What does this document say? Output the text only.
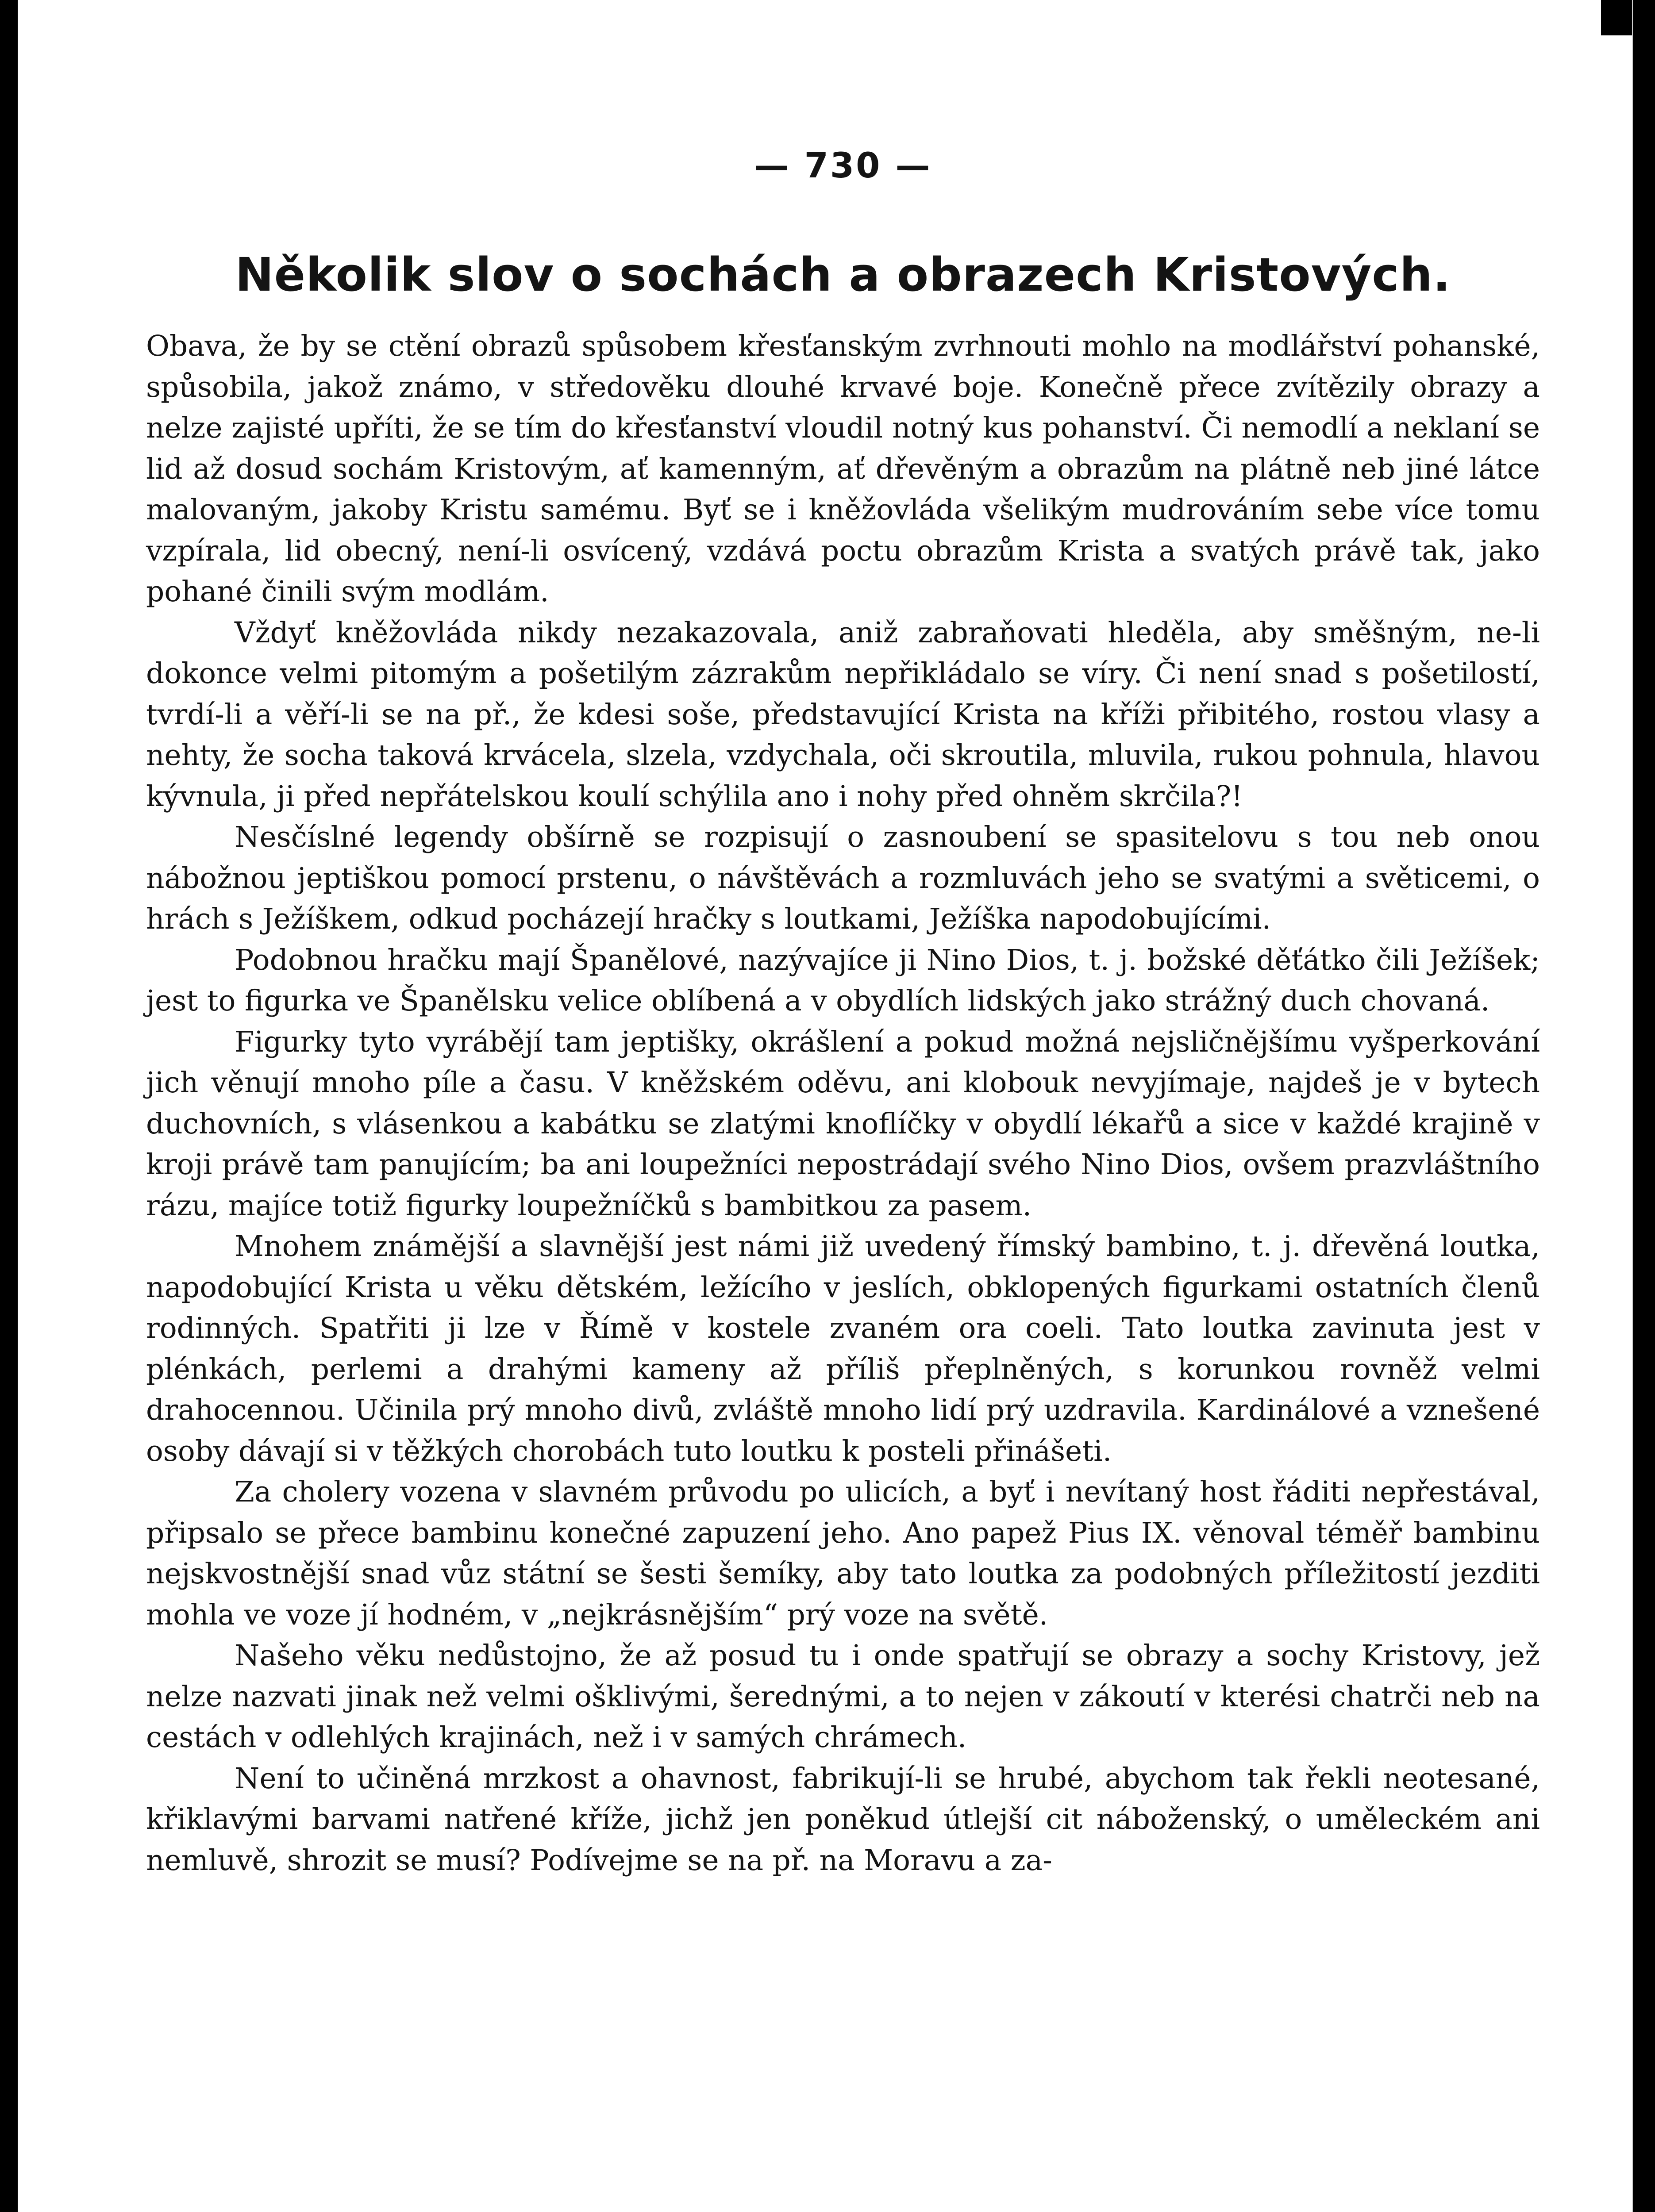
— 730 —
Několik slov o sochách a obrazech Kristových.

Obava, že by se ctění obrazů spůsobem křesťanským zvrhnouti mohlo na modlářství pohanské, spůsobila, jakož známo, v středověku dlouhé krvavé boje. Konečně přece zvítězily obrazy a nelze zajisté upříti, že se tím do křesťanství vloudil notný kus pohanství. Či nemodlí a neklaní se lid až dosud sochám Kristovým, ať kamenným, ať dřevěným a obrazům na plátně neb jiné látce malovaným, jakoby Kristu samému. Byť se i kněžovláda všelikým mudrováním sebe více tomu vzpírala, lid obecný, není-li osvícený, vzdává poctu obrazům Krista a svatých právě tak, jako pohané činili svým modlám.

Vždyť kněžovláda nikdy nezakazovala, aniž zabraňovati hleděla, aby směšným, ne-li dokonce velmi pitomým a pošetilým zázrakům nepřikládalo se víry. Či není snad s pošetilostí, tvrdí-li a věří-li se na př., že kdesi soše, představující Krista na kříži přibitého, rostou vlasy a nehty, že socha taková krvácela, slzela, vzdychala, oči skroutila, mluvila, rukou pohnula, hlavou kývnula, ji před nepřátelskou koulí schýlila ano i nohy před ohněm skrčila?!

Nesčíslné legendy obšírně se rozpisují o zasnoubení se spasitelovu s tou neb onou nábožnou jeptiškou pomocí prstenu, o návštěvách a rozmluvách jeho se svatými a světicemi, o hrách s Ježíškem, odkud pocházejí hračky s loutkami, Ježíška napodobujícími.

Podobnou hračku mají Španělové, nazývajíce ji Nino Dios, t. j. božské děťátko čili Ježíšek; jest to figurka ve Španělsku velice oblíbená a v obydlích lidských jako strážný duch chovaná.

Figurky tyto vyrábějí tam jeptišky, okrášlení a pokud možná nejsličnějšímu vyšperkování jich věnují mnoho píle a času. V kněžském oděvu, ani klobouk nevyjímaje, najdeš je v bytech duchovních, s vlásenkou a kabátku se zlatými knoflíčky v obydlí lékařů a sice v každé krajině v kroji právě tam panujícím; ba ani loupežníci nepostrádají svého Nino Dios, ovšem prazvláštního rázu, majíce totiž figurky loupežníčků s bambitkou za pasem.

Mnohem známější a slavnější jest námi již uvedený římský bambino, t. j. dřevěná loutka, napodobující Krista u věku dětském, ležícího v jeslích, obklopených figurkami ostatních členů rodinných. Spatřiti ji lze v Římě v kostele zvaném ora coeli. Tato loutka zavinuta jest v plénkách, perlemi a drahými kameny až příliš přeplněných, s korunkou rovněž velmi drahocennou. Učinila prý mnoho divů, zvláště mnoho lidí prý uzdravila. Kardinálové a vznešené osoby dávají si v těžkých chorobách tuto loutku k posteli přinášeti.

Za cholery vozena v slavném průvodu po ulicích, a byť i nevítaný host řáditi nepřestával, připsalo se přece bambinu konečné zapuzení jeho. Ano papež Pius IX. věnoval téměř bambinu nejskvostnější snad vůz státní se šesti šemíky, aby tato loutka za podobných příležitostí jezditi mohla ve voze jí hodném, v „nejkrásnějším“ prý voze na světě.

Našeho věku nedůstojno, že až posud tu i onde spatřují se obrazy a sochy Kristovy, jež nelze nazvati jinak než velmi ošklivými, šerednými, a to nejen v zákoutí v kterési chatrči neb na cestách v odlehlých krajinách, než i v samých chrámech.

Není to učiněná mrzkost a ohavnost, fabrikují-li se hrubé, abychom tak řekli neotesané, křiklavými barvami natřené kříže, jichž jen poněkud útlejší cit náboženský, o uměleckém ani nemluvě, shrozit se musí? Podívejme se na př. na Moravu a za-
